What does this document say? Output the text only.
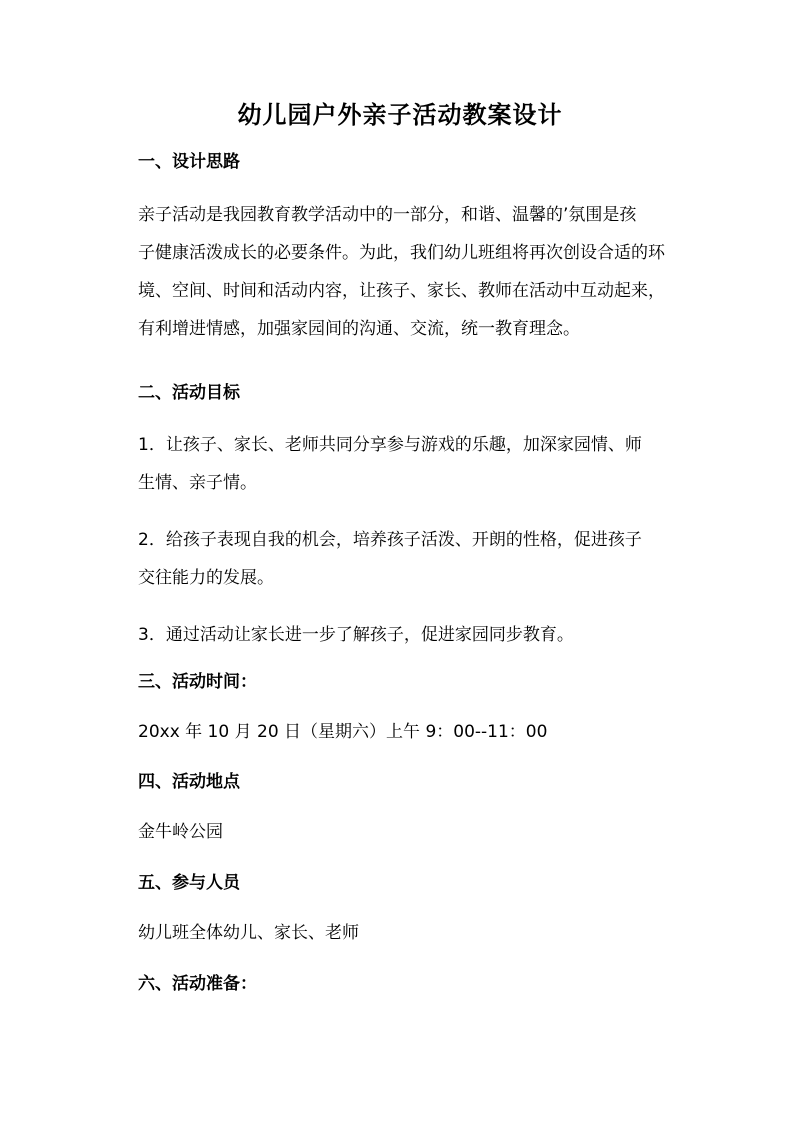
幼儿园户外亲子活动教案设计
一、设计思路
亲子活动是我园教育教学活动中的一部分，和谐、温馨的’氛围是孩
子健康活泼成长的必要条件。为此，我们幼儿班组将再次创设合适的环
境、空间、时间和活动内容，让孩子、家长、教师在活动中互动起来，
有利增进情感，加强家园间的沟通、交流，统一教育理念。
二、活动目标
1．让孩子、家长、老师共同分享参与游戏的乐趣，加深家园情、师
生情、亲子情。
2．给孩子表现自我的机会，培养孩子活泼、开朗的性格，促进孩子
交往能力的发展。
3．通过活动让家长进一步了解孩子，促进家园同步教育。
三、活动时间：
20xx 年 10 月 20 日（星期六）上午 9：00--11：00
四、活动地点
金牛岭公园
五、参与人员
幼儿班全体幼儿、家长、老师
六、活动准备：
